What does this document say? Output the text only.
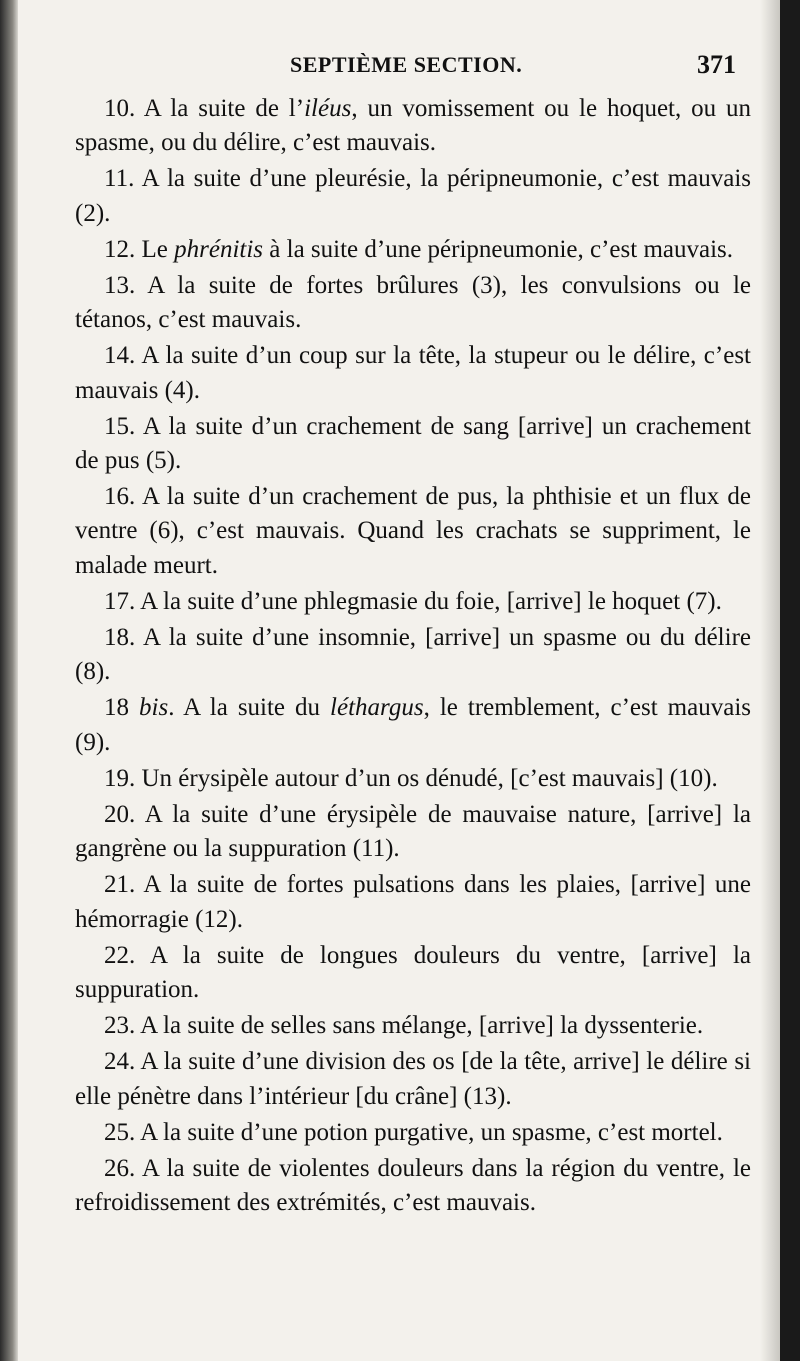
SEPTIÈME SECTION.	371

10. A la suite de l’iléus, un vomissement ou le hoquet, ou un spasme, ou du délire, c’est mauvais.

11. A la suite d’une pleurésie, la péripneumonie, c’est mauvais (2).

12. Le phrénitis à la suite d’une péripneumonie, c’est mauvais.

13. A la suite de fortes brûlures (3), les convulsions ou le tétanos, c’est mauvais.

14. A la suite d’un coup sur la tête, la stupeur ou le délire, c’est mauvais (4).

15. A la suite d’un crachement de sang [arrive] un crachement de pus (5).

16. A la suite d’un crachement de pus, la phthisie et un flux de ventre (6), c’est mauvais. Quand les crachats se suppriment, le malade meurt.

17. A la suite d’une phlegmasie du foie, [arrive] le hoquet (7).

18. A la suite d’une insomnie, [arrive] un spasme ou du délire (8).

18 bis. A la suite du léthargus, le tremblement, c’est mauvais (9).

19. Un érysipèle autour d’un os dénudé, [c’est mauvais] (10).

20. A la suite d’une érysipèle de mauvaise nature, [arrive] la gangrène ou la suppuration (11).

21. A la suite de fortes pulsations dans les plaies, [arrive] une hémorragie (12).

22. A la suite de longues douleurs du ventre, [arrive] la suppuration.

23. A la suite de selles sans mélange, [arrive] la dyssenterie.

24. A la suite d’une division des os [de la tête, arrive] le délire si elle pénètre dans l’intérieur [du crâne] (13).

25. A la suite d’une potion purgative, un spasme, c’est mortel.

26. A la suite de violentes douleurs dans la région du ventre, le refroidissement des extrémités, c’est mauvais.
